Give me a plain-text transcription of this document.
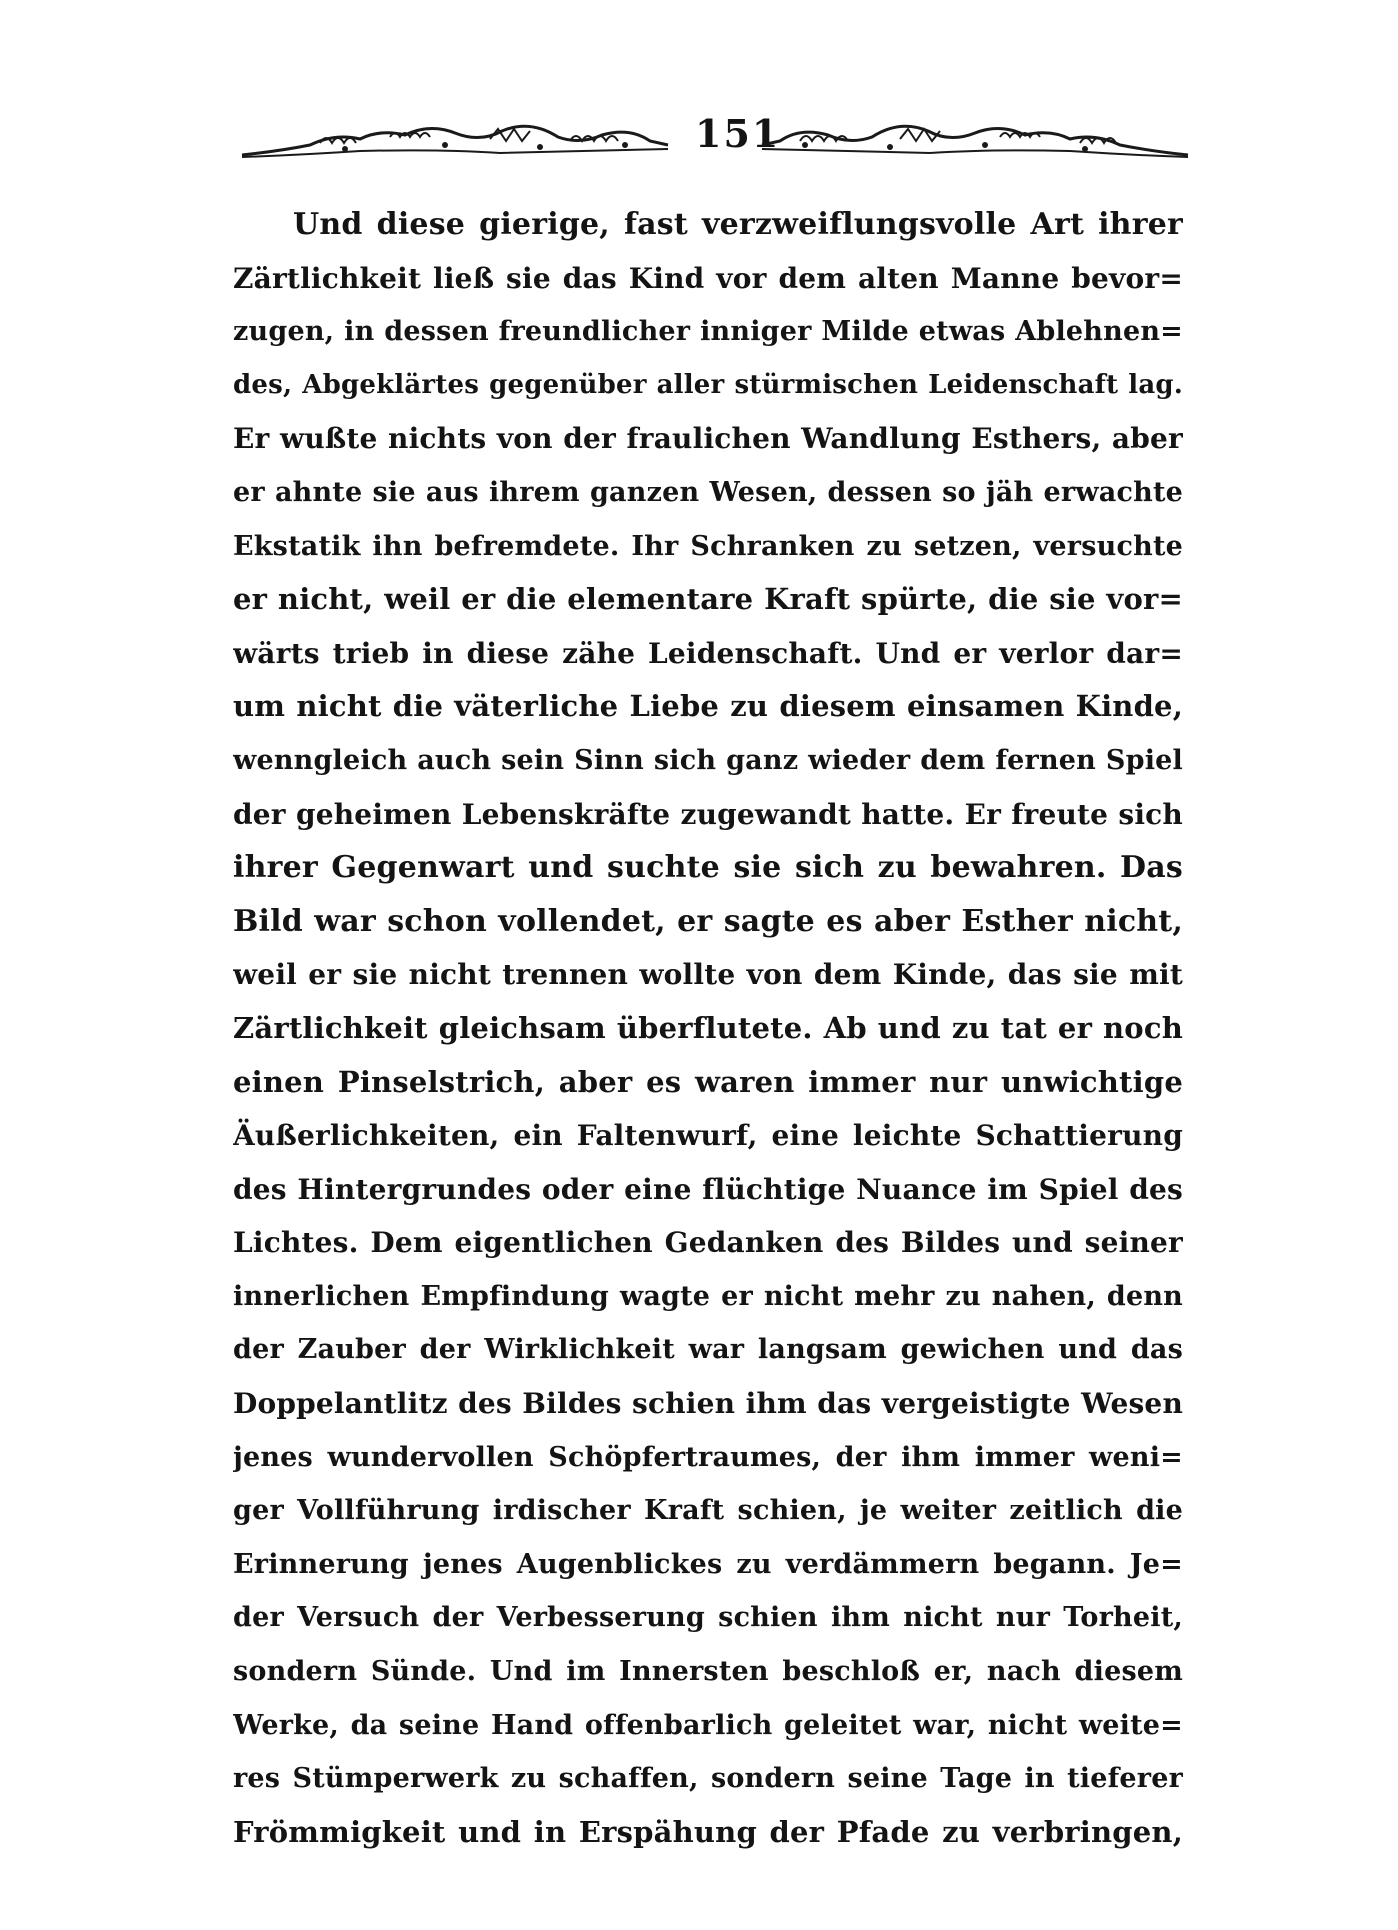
151
Und diese gierige, fast verzweiflungsvolle Art ihrer
Zärtlichkeit ließ sie das Kind vor dem alten Manne bevor=
zugen, in dessen freundlicher inniger Milde etwas Ablehnen=
des, Abgeklärtes gegenüber aller stürmischen Leidenschaft lag.
Er wußte nichts von der fraulichen Wandlung Esthers, aber
er ahnte sie aus ihrem ganzen Wesen, dessen so jäh erwachte
Ekstatik ihn befremdete. Ihr Schranken zu setzen, versuchte
er nicht, weil er die elementare Kraft spürte, die sie vor=
wärts trieb in diese zähe Leidenschaft. Und er verlor dar=
um nicht die väterliche Liebe zu diesem einsamen Kinde,
wenngleich auch sein Sinn sich ganz wieder dem fernen Spiel
der geheimen Lebenskräfte zugewandt hatte. Er freute sich
ihrer Gegenwart und suchte sie sich zu bewahren. Das
Bild war schon vollendet, er sagte es aber Esther nicht,
weil er sie nicht trennen wollte von dem Kinde, das sie mit
Zärtlichkeit gleichsam überflutete. Ab und zu tat er noch
einen Pinselstrich, aber es waren immer nur unwichtige
Äußerlichkeiten, ein Faltenwurf, eine leichte Schattierung
des Hintergrundes oder eine flüchtige Nuance im Spiel des
Lichtes. Dem eigentlichen Gedanken des Bildes und seiner
innerlichen Empfindung wagte er nicht mehr zu nahen, denn
der Zauber der Wirklichkeit war langsam gewichen und das
Doppelantlitz des Bildes schien ihm das vergeistigte Wesen
jenes wundervollen Schöpfertraumes, der ihm immer weni=
ger Vollführung irdischer Kraft schien, je weiter zeitlich die
Erinnerung jenes Augenblickes zu verdämmern begann. Je=
der Versuch der Verbesserung schien ihm nicht nur Torheit,
sondern Sünde. Und im Innersten beschloß er, nach diesem
Werke, da seine Hand offenbarlich geleitet war, nicht weite=
res Stümperwerk zu schaffen, sondern seine Tage in tieferer
Frömmigkeit und in Erspähung der Pfade zu verbringen,
